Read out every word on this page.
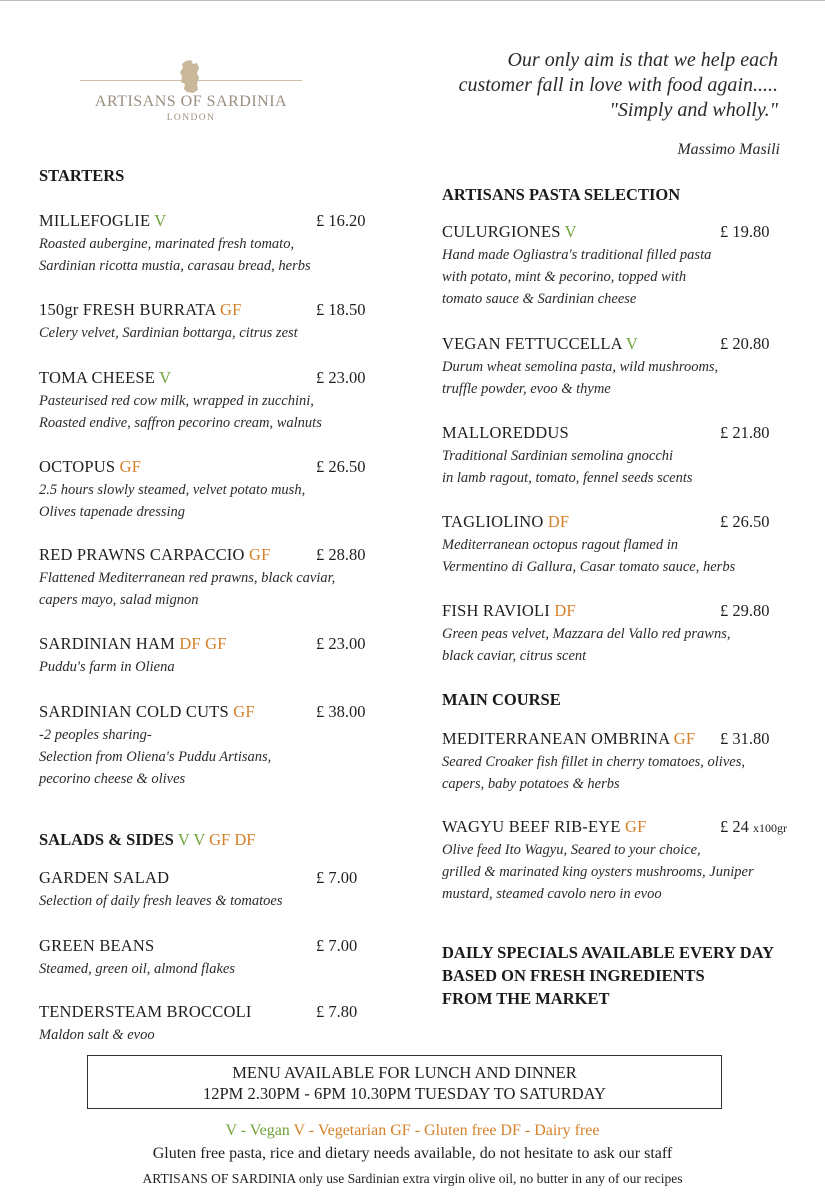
ARTISANS OF SARDINIA
LONDON
Our only aim is that we help each
customer fall in love with food again.....
"Simply and wholly."
Massimo Masili
STARTERS
SALADS & SIDES V V GF DF
ARTISANS PASTA SELECTION
MAIN COURSE
MILLEFOGLIE V	£ 16.20
Roasted aubergine, marinated fresh tomato,
Sardinian ricotta mustia, carasau bread, herbs
150gr FRESH BURRATA GF	£ 18.50
Celery velvet, Sardinian bottarga, citrus zest
TOMA CHEESE V	£ 23.00
Pasteurised red cow milk, wrapped in zucchini,
Roasted endive, saffron pecorino cream, walnuts
OCTOPUS GF	£ 26.50
2.5 hours slowly steamed, velvet potato mush,
Olives tapenade dressing
RED PRAWNS CARPACCIO GF	£ 28.80
Flattened Mediterranean red prawns, black caviar,
capers mayo, salad mignon
SARDINIAN HAM DF GF	£ 23.00
Puddu's farm in Oliena
SARDINIAN COLD CUTS GF	£ 38.00
-2 peoples sharing-
Selection from Oliena's Puddu Artisans,
pecorino cheese & olives
GARDEN SALAD	£ 7.00
Selection of daily fresh leaves & tomatoes
GREEN BEANS	£ 7.00
Steamed, green oil, almond flakes
TENDERSTEAM BROCCOLI	£ 7.80
Maldon salt & evoo
CULURGIONES V	£ 19.80
Hand made Ogliastra's traditional filled pasta
with potato, mint & pecorino, topped with
tomato sauce & Sardinian cheese
VEGAN FETTUCCELLA V	£ 20.80
Durum wheat semolina pasta, wild mushrooms,
truffle powder, evoo & thyme
MALLOREDDUS	£ 21.80
Traditional Sardinian semolina gnocchi
in lamb ragout, tomato, fennel seeds scents
TAGLIOLINO DF	£ 26.50
Mediterranean octopus ragout flamed in
Vermentino di Gallura, Casar tomato sauce, herbs
FISH RAVIOLI DF	£ 29.80
Green peas velvet, Mazzara del Vallo red prawns,
black caviar, citrus scent
MEDITERRANEAN OMBRINA GF £ 31.80
Seared Croaker fish fillet in cherry tomatoes, olives,
capers, baby potatoes & herbs
WAGYU BEEF RIB-EYE GF	£ 24 x100gr
Olive feed Ito Wagyu, Seared to your choice,
grilled & marinated king oysters mushrooms, Juniper
mustard, steamed cavolo nero in evoo
DAILY SPECIALS AVAILABLE EVERY DAY
BASED ON FRESH INGREDIENTS
FROM THE MARKET
MENU AVAILABLE FOR LUNCH AND DINNER
12PM 2.30PM - 6PM 10.30PM TUESDAY TO SATURDAY
V - Vegan V - Vegetarian GF - Gluten free DF - Dairy free
Gluten free pasta, rice and dietary needs available, do not hesitate to ask our staff
ARTISANS OF SARDINIA only use Sardinian extra virgin olive oil, no butter in any of our recipes
